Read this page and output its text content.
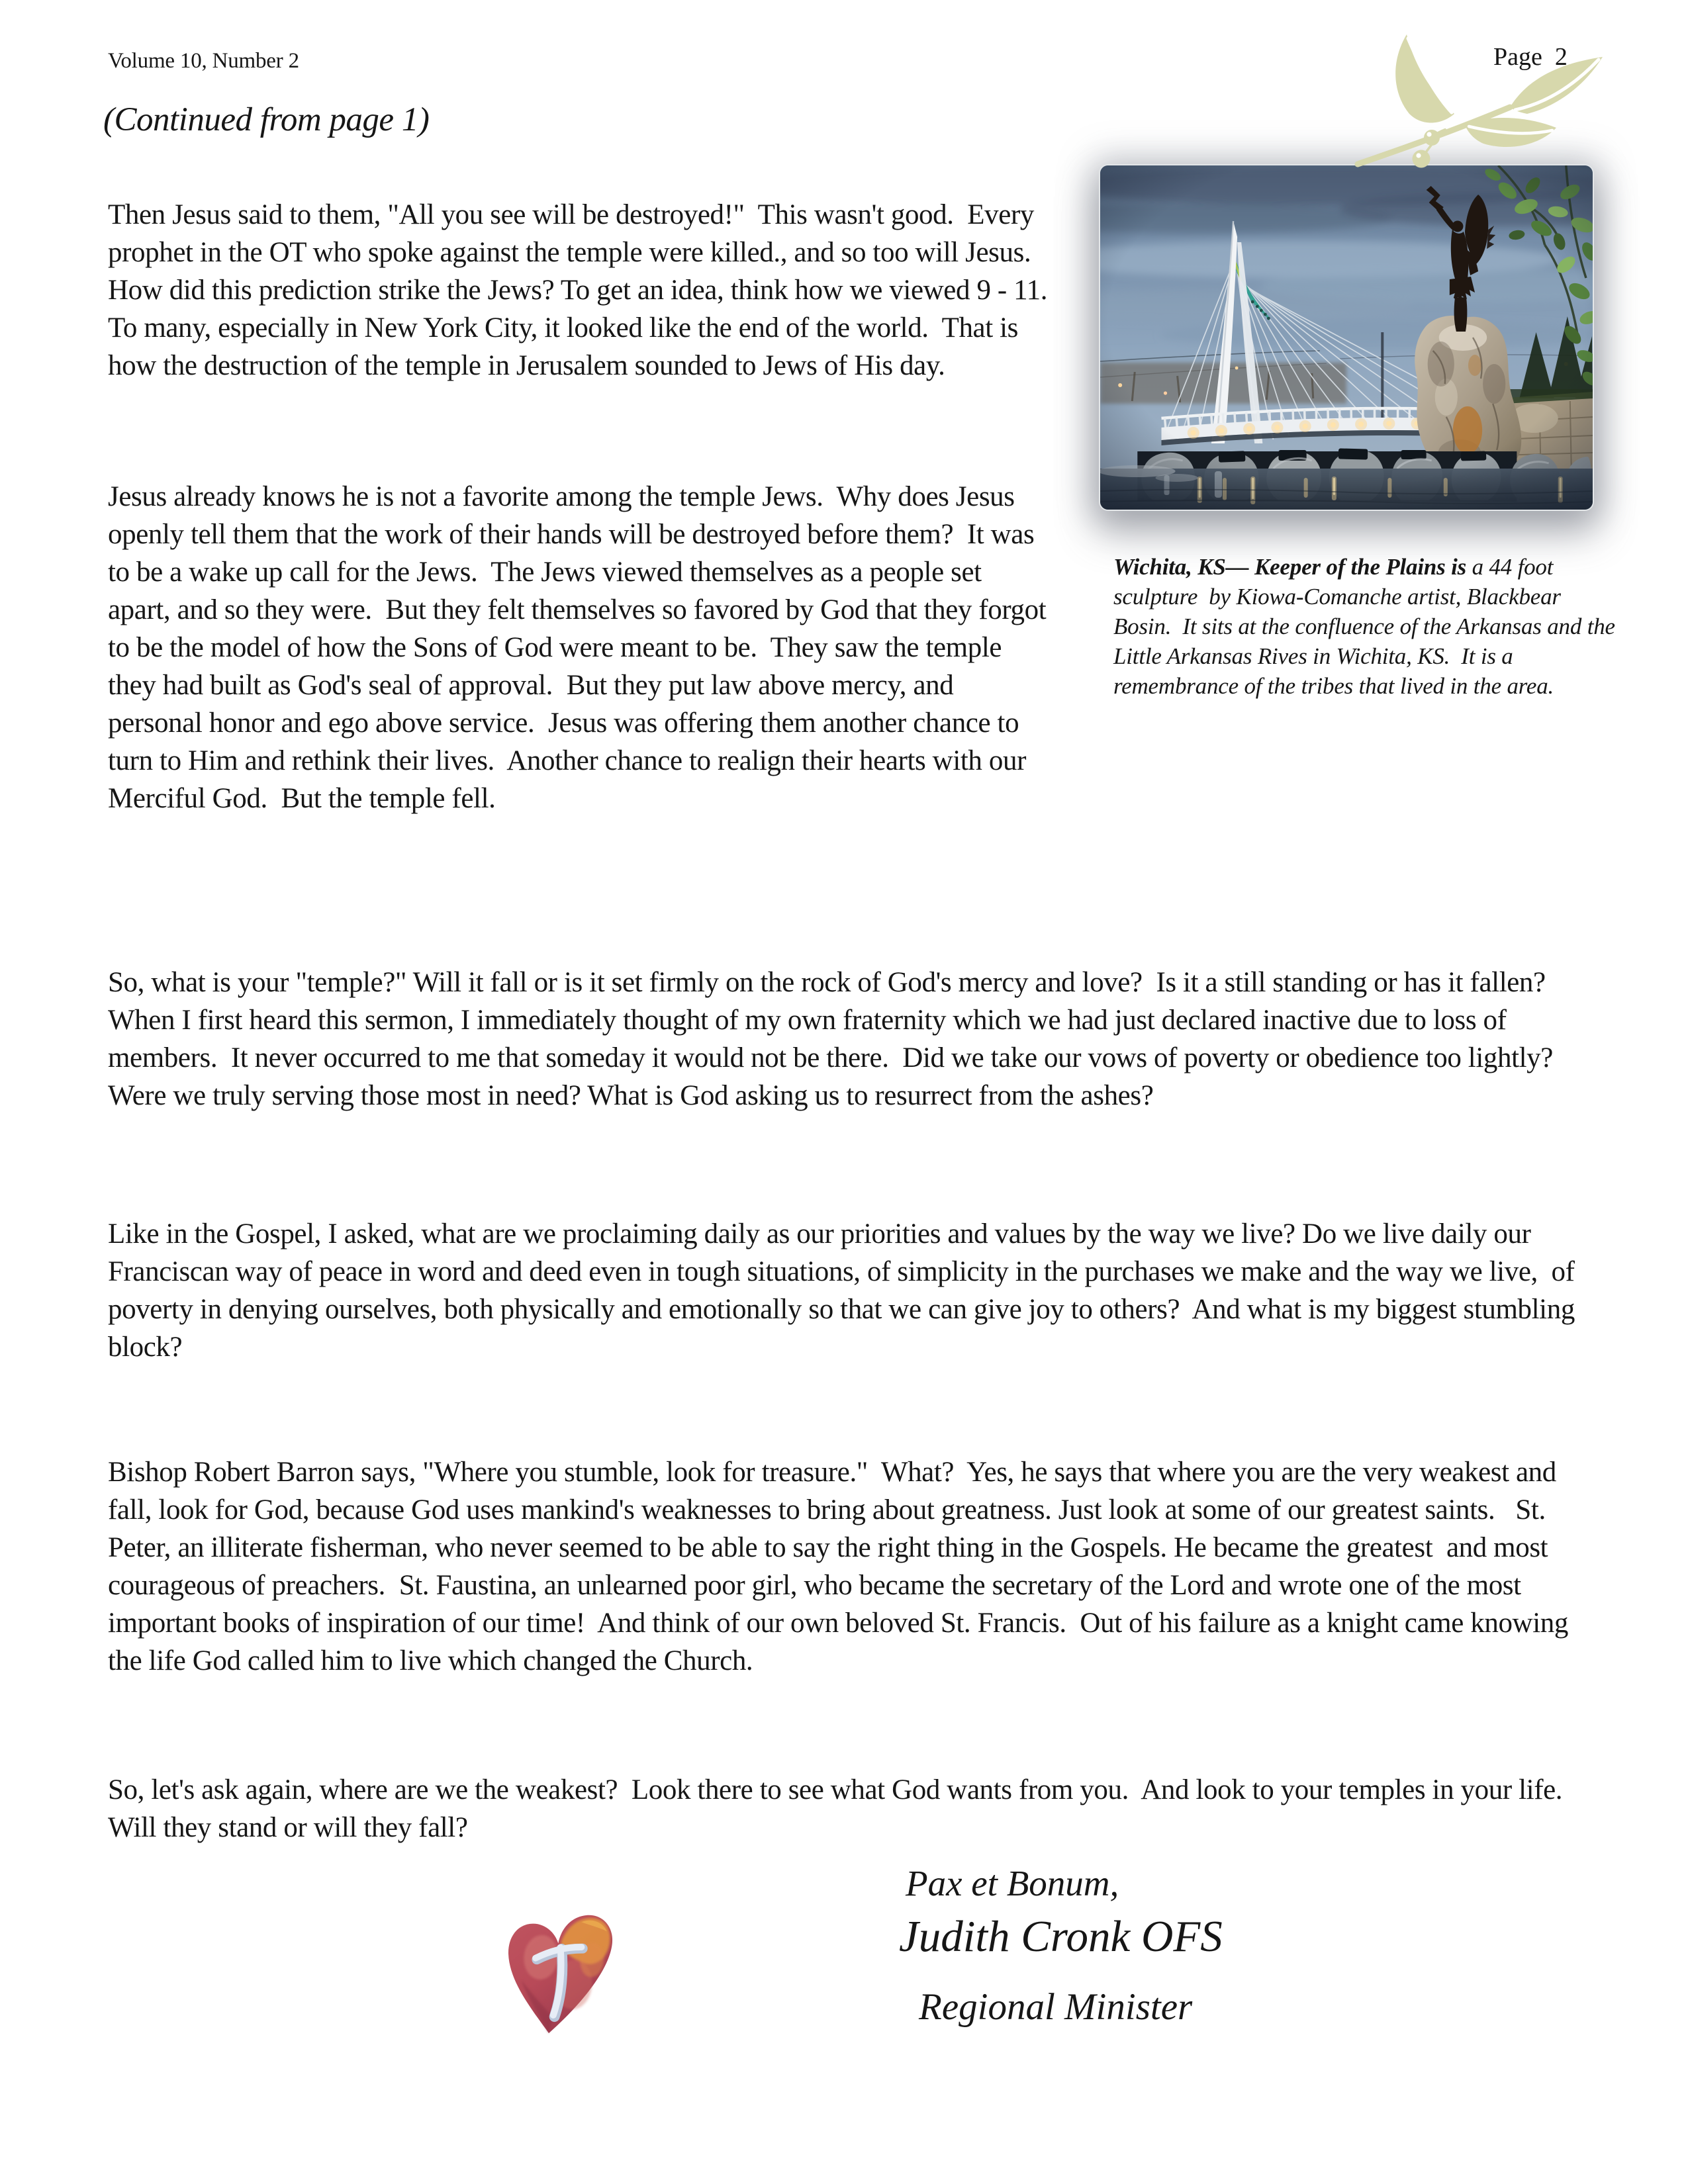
Volume 10, Number 2	Page  2
(Continued from page 1)
Then Jesus said to them, "All you see will be destroyed!"  This wasn't good.  Every prophet in the OT who spoke against the temple were killed., and so too will Jesus.  How did this prediction strike the Jews? To get an idea, think how we viewed 9 - 11.  To many, especially in New York City, it looked like the end of the world.  That is how the destruction of the temple in Jerusalem sounded to Jews of His day.
Jesus already knows he is not a favorite among the temple Jews.  Why does Jesus openly tell them that the work of their hands will be destroyed before them?  It was to be a wake up call for the Jews.  The Jews viewed themselves as a people set apart, and so they were.  But they felt themselves so favored by God that they forgot to be the model of how the Sons of God were meant to be.  They saw the temple they had built as God's seal of approval.  But they put law above mercy, and personal honor and ego above service.  Jesus was offering them another chance to turn to Him and rethink their lives.  Another chance to realign their hearts with our Merciful God.  But the temple fell.
So, what is your "temple?" Will it fall or is it set firmly on the rock of God's mercy and love?  Is it a still standing or has it fallen?  When I first heard this sermon, I immediately thought of my own fraternity which we had just declared inactive due to loss of members.  It never occurred to me that someday it would not be there.  Did we take our vows of poverty or obedience too lightly?  Were we truly serving those most in need? What is God asking us to resurrect from the ashes?
Like in the Gospel, I asked, what are we proclaiming daily as our priorities and values by the way we live? Do we live daily our Franciscan way of peace in word and deed even in tough situations, of simplicity in the purchases we make and the way we live,  of poverty in denying ourselves, both physically and emotionally so that we can give joy to others?  And what is my biggest stumbling block?
Bishop Robert Barron says, "Where you stumble, look for treasure."  What?  Yes, he says that where you are the very weakest and fall, look for God, because God uses mankind's weaknesses to bring about greatness. Just look at some of our greatest saints.   St. Peter, an illiterate fisherman, who never seemed to be able to say the right thing in the Gospels. He became the greatest  and most courageous of preachers.  St. Faustina, an unlearned poor girl, who became the secretary of the Lord and wrote one of the most important books of inspiration of our time!  And think of our own beloved St. Francis.  Out of his failure as a knight came knowing the life God called him to live which changed the Church.
So, let's ask again, where are we the weakest?  Look there to see what God wants from you.  And look to your temples in your life.  Will they stand or will they fall?
Wichita, KS— Keeper of the Plains is a 44 foot sculpture  by Kiowa-Comanche artist, Blackbear Bosin.  It sits at the confluence of the Arkansas and the Little Arkansas Rives in Wichita, KS.  It is a remembrance of the tribes that lived in the area.
Pax et Bonum,
Judith Cronk OFS
Regional Minister
